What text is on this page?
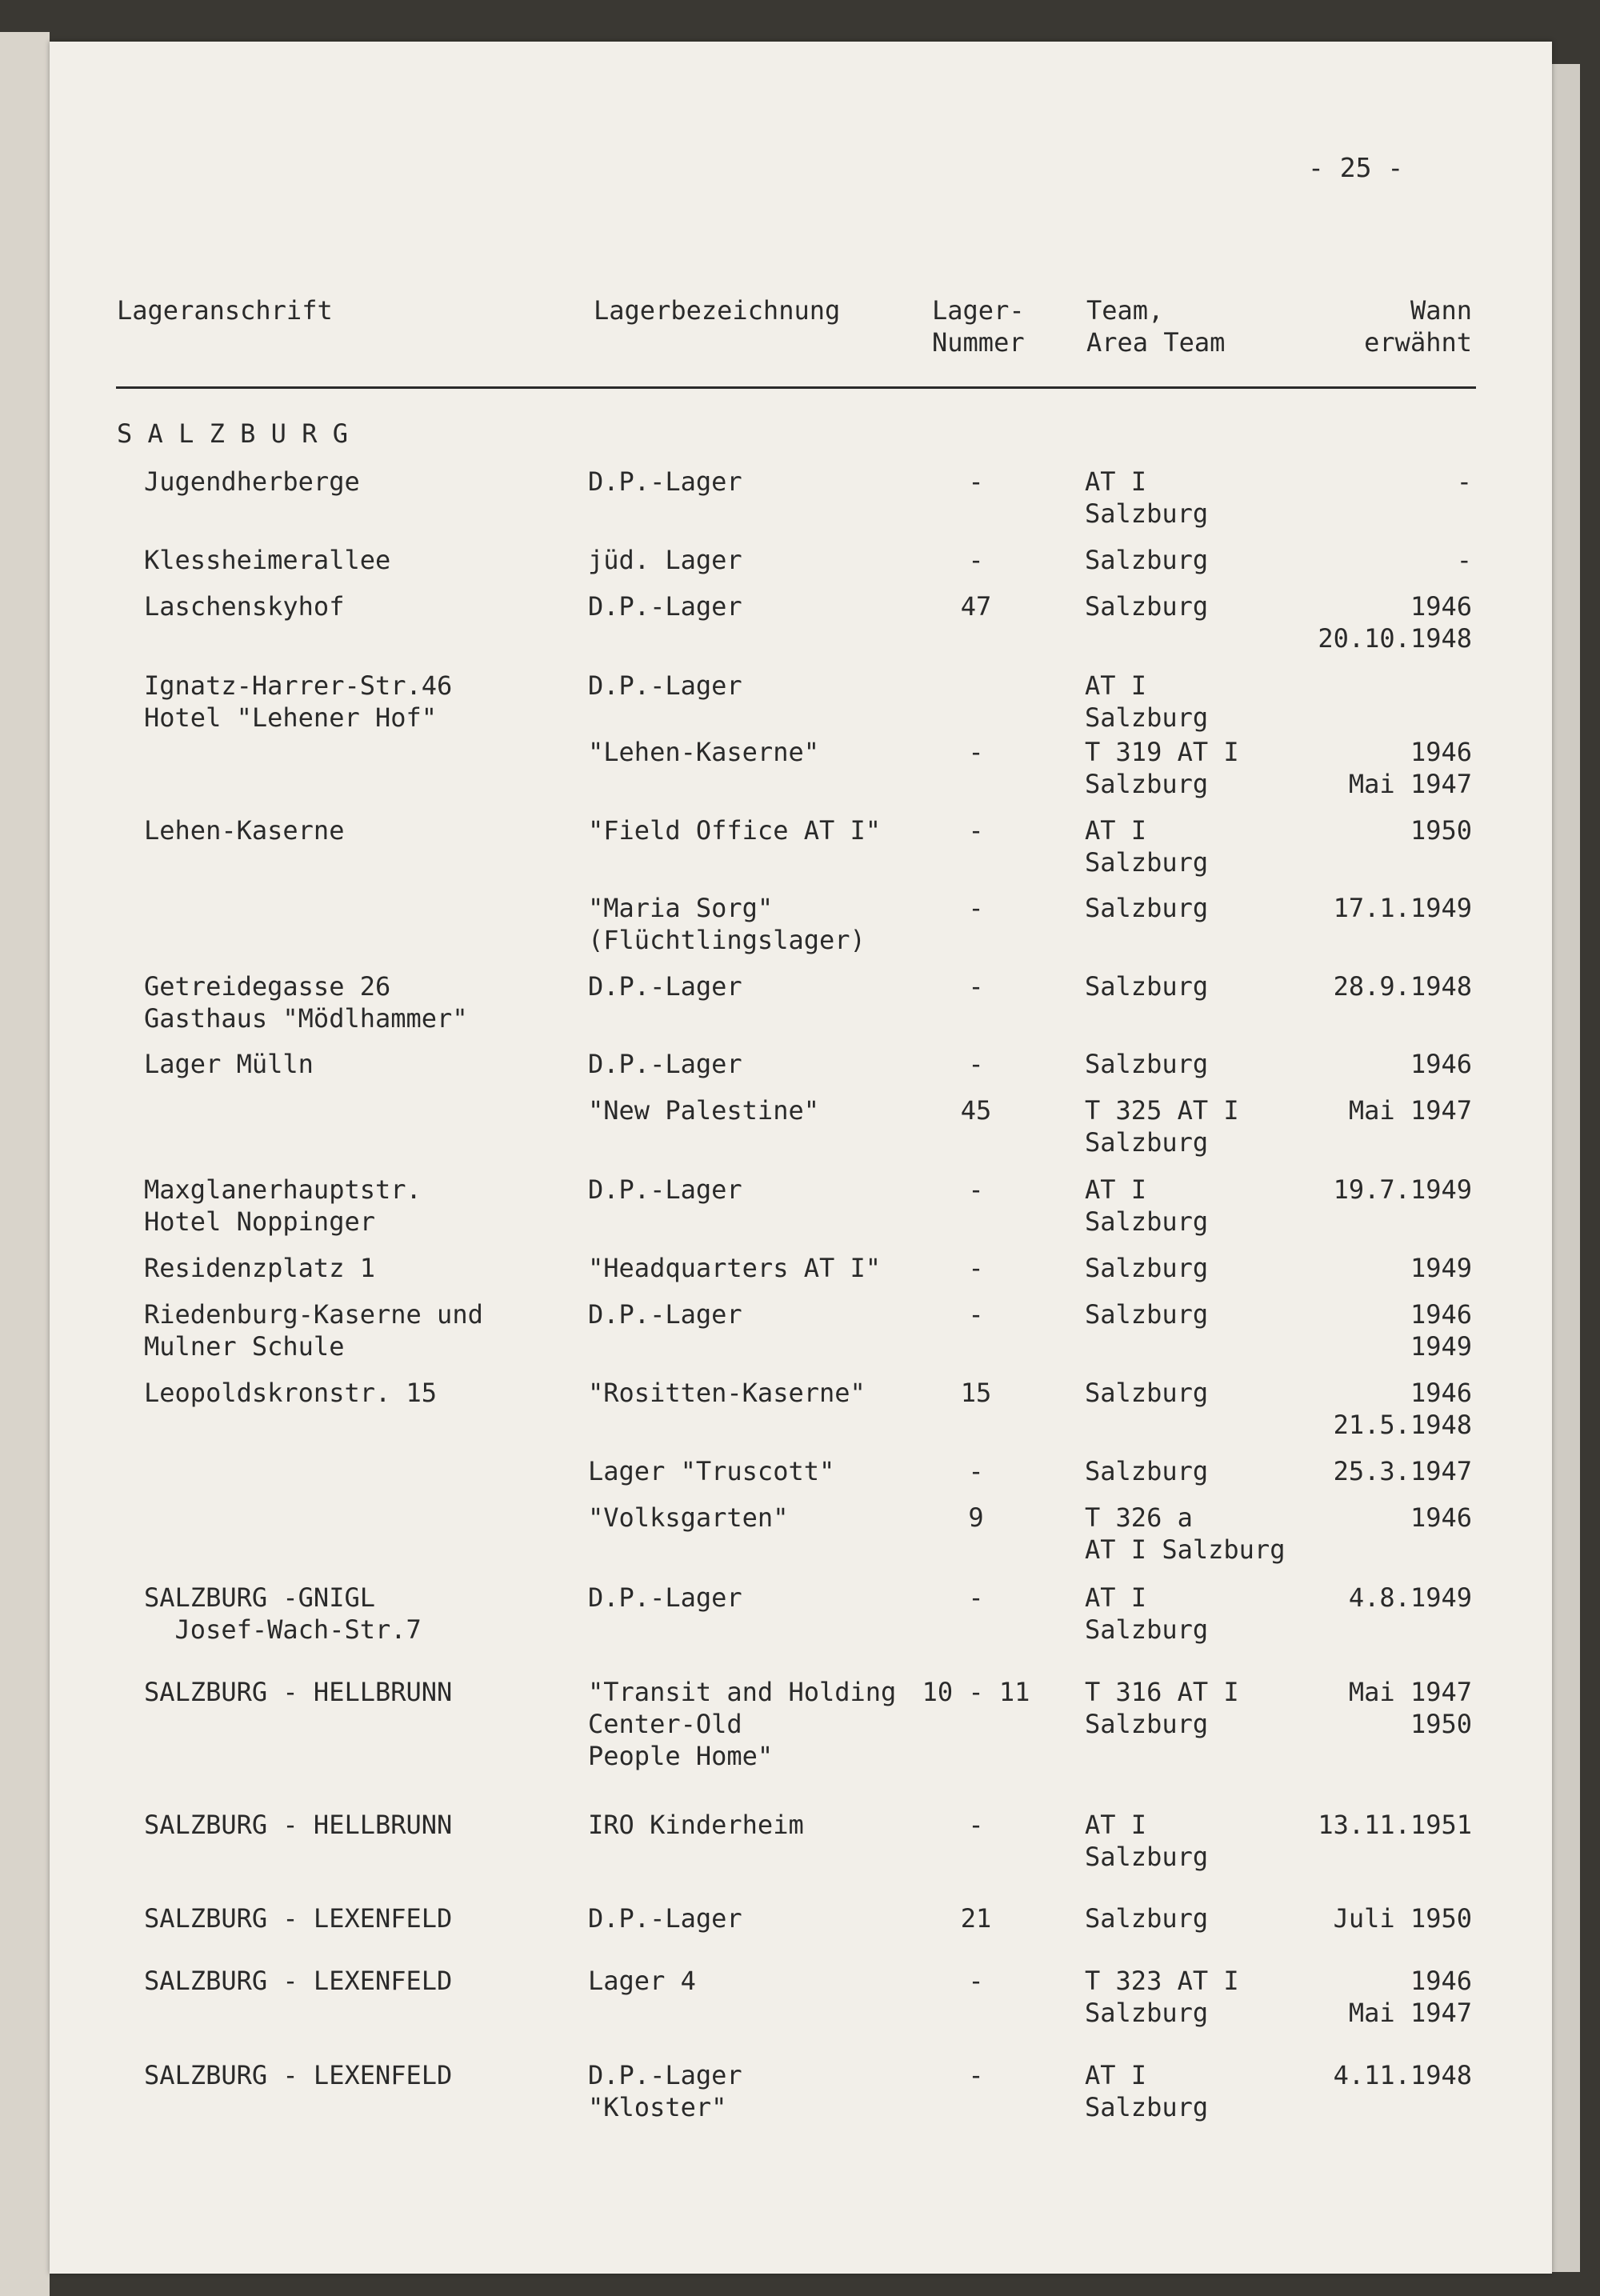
- 25 -
Lageranschrift	Lagerbezeichnung	Lager-
Nummer
Team,
Area Team
Wann
erwähnt
S A L Z B U R G
Jugendherberge	D.P.-Lager	-	AT I
Salzburg
-
Klessheimerallee	jüd. Lager	-	Salzburg	-
Laschenskyhof	D.P.-Lager	47	Salzburg	1946
20.10.1948
Ignatz-Harrer-Str.46
Hotel "Lehener Hof"
D.P.-Lager	AT I
Salzburg
"Lehen-Kaserne"	-	T 319 AT I
Salzburg
1946
Mai 1947
Lehen-Kaserne	"Field Office AT I"	-	AT I
Salzburg
1950
"Maria Sorg"
(Flüchtlingslager)
-	Salzburg	17.1.1949
Getreidegasse 26
Gasthaus "Mödlhammer"
D.P.-Lager	-	Salzburg	28.9.1948
Lager Mülln	D.P.-Lager	-	Salzburg	1946
"New Palestine"	45	T 325 AT I
Salzburg
Mai 1947
Maxglanerhauptstr.
Hotel Noppinger
D.P.-Lager	-	AT I
Salzburg
19.7.1949
Residenzplatz 1	"Headquarters AT I"	-	Salzburg	1949
Riedenburg-Kaserne und
Mulner Schule
D.P.-Lager	-	Salzburg	1946
1949
Leopoldskronstr. 15	"Rositten-Kaserne"	15	Salzburg	1946
21.5.1948
Lager "Truscott"	-	Salzburg	25.3.1947
"Volksgarten"	9	T 326 a
AT I Salzburg
1946
SALZBURG -GNIGL
Josef-Wach-Str.7
D.P.-Lager	-	AT I
Salzburg
4.8.1949
SALZBURG - HELLBRUNN	"Transit and Holding
Center-Old
People Home"
10 - 11 T 316 AT I
Salzburg
Mai 1947
1950
SALZBURG - HELLBRUNN	IRO Kinderheim	-	AT I
Salzburg
13.11.1951
SALZBURG - LEXENFELD	D.P.-Lager	21	Salzburg	Juli 1950
SALZBURG - LEXENFELD	Lager 4	-	T 323 AT I
Salzburg
1946
Mai 1947
SALZBURG - LEXENFELD	D.P.-Lager
"Kloster"
-	AT I
Salzburg
4.11.1948
